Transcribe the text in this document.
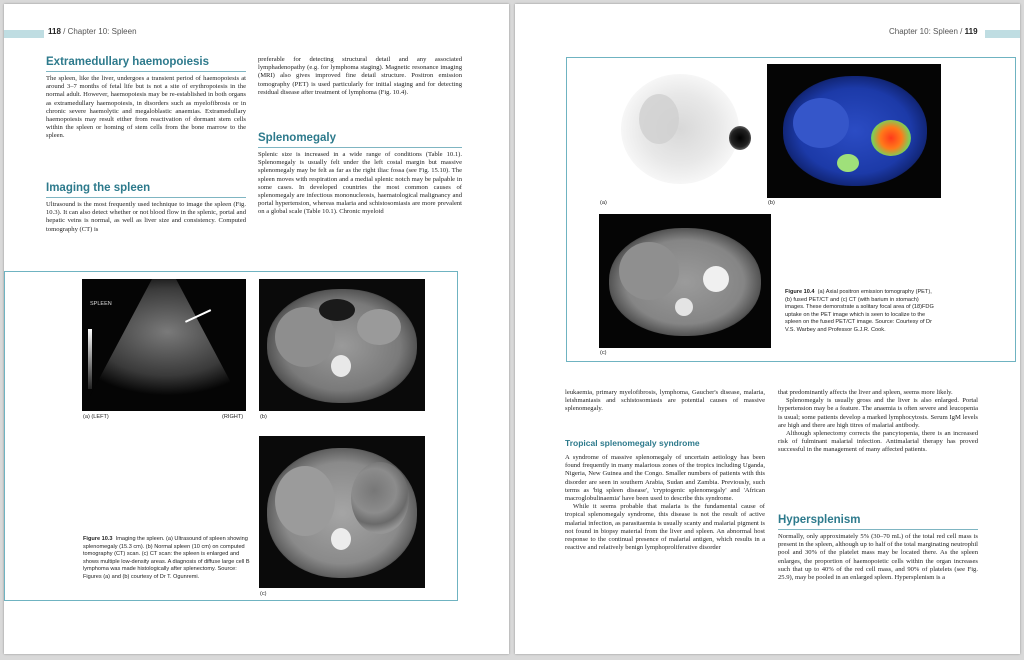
118 / Chapter 10: Spleen
Extramedullary haemopoiesis
The spleen, like the liver, undergoes a transient period of haemopoiesis at around 3–7 months of fetal life but is not a site of erythropoiesis in the normal adult. However, haemopoiesis may be re-established in both organs as extramedullary haemopoiesis, in disorders such as myelofibrosis or in chronic severe haemolytic and megaloblastic anaemias. Extramedullary haemopoiesis may result either from reactivation of dormant stem cells within the spleen or homing of stem cells from the bone marrow to the spleen.
Imaging the spleen
Ultrasound is the most frequently used technique to image the spleen (Fig. 10.3). It can also detect whether or not blood flow in the splenic, portal and hepatic veins is normal, as well as liver size and consistency. Computed tomography (CT) is
preferable for detecting structural detail and any associated lymphadenopathy (e.g. for lymphoma staging). Magnetic resonance imaging (MRI) also gives improved fine detail structure. Positron emission tomography (PET) is used particularly for initial staging and for detecting residual disease after treatment of lymphoma (Fig. 10.4).
Splenomegaly
Splenic size is increased in a wide range of conditions (Table 10.1). Splenomegaly is usually felt under the left costal margin but massive splenomegaly may be felt as far as the right iliac fossa (see Fig. 15.10). The spleen moves with respiration and a medial splenic notch may be palpable in some cases. In developed countries the most common causes of splenomegaly are infectious mononucleosis, haematological malignancy and portal hypertension, whereas malaria and schistosomiasis are more prevalent on a global scale (Table 10.1). Chronic myeloid
SPLEEN
(a) (LEFT)	(RIGHT)	(b)
(c)
Figure 10.3 Imaging the spleen. (a) Ultrasound of spleen showing splenomegaly (15.3 cm). (b) Normal spleen (10 cm) on computed tomography (CT) scan. (c) CT scan: the spleen is enlarged and shows multiple low-density areas. A diagnosis of diffuse large cell B lymphoma was made histologically after splenectomy. Source: Figures (a) and (b) courtesy of Dr T. Ogunremi.
Chapter 10: Spleen / 119
(a)	(b)
(c)
Figure 10.4 (a) Axial positron emission tomography (PET), (b) fused PET/CT and (c) CT (with barium in stomach) images. These demonstrate a solitary focal area of (18)FDG uptake on the PET image which is seen to localize to the spleen on the fused PET/CT image. Source: Courtesy of Dr V.S. Warbey and Professor G.J.R. Cook.
leukaemia, primary myelofibrosis, lymphoma, Gaucher's disease, malaria, leishmaniasis and schistosomiasis are potential causes of massive splenomegaly.
Tropical splenomegaly syndrome

A syndrome of massive splenomegaly of uncertain aetiology has been found frequently in many malarious zones of the tropics including Uganda, Nigeria, New Guinea and the Congo. Smaller numbers of patients with this disorder are seen in southern Arabia, Sudan and Zambia. Previously, such terms as 'big spleen disease', 'cryptogenic splenomegaly' and 'African macroglobulinaemia' have been used to describe this syndrome.

While it seems probable that malaria is the fundamental cause of tropical splenomegaly syndrome, this disease is not the result of active malarial infection, as parasitaemia is usually scanty and malarial pigment is not found in biopsy material from the liver and spleen. An abnormal host response to the continual presence of malarial antigen, which results in a reactive and relatively benign lymphoproliferative disorder

that predominantly affects the liver and spleen, seems more likely.

Splenomegaly is usually gross and the liver is also enlarged. Portal hypertension may be a feature. The anaemia is often severe and leucopenia is usual; some patients develop a marked lymphocytosis. Serum IgM levels are high and there are high titres of malarial antibody.

Although splenectomy corrects the pancytopenia, there is an increased risk of fulminant malarial infection. Antimalarial therapy has proved successful in the management of many affected patients.

Hypersplenism
Normally, only approximately 5% (30–70 mL) of the total red cell mass is present in the spleen, although up to half of the total marginating neutrophil pool and 30% of the platelet mass may be located there. As the spleen enlarges, the proportion of haemopoietic cells within the organ increases such that up to 40% of the red cell mass, and 90% of platelets (see Fig. 25.9), may be pooled in an enlarged spleen. Hypersplenism is a
